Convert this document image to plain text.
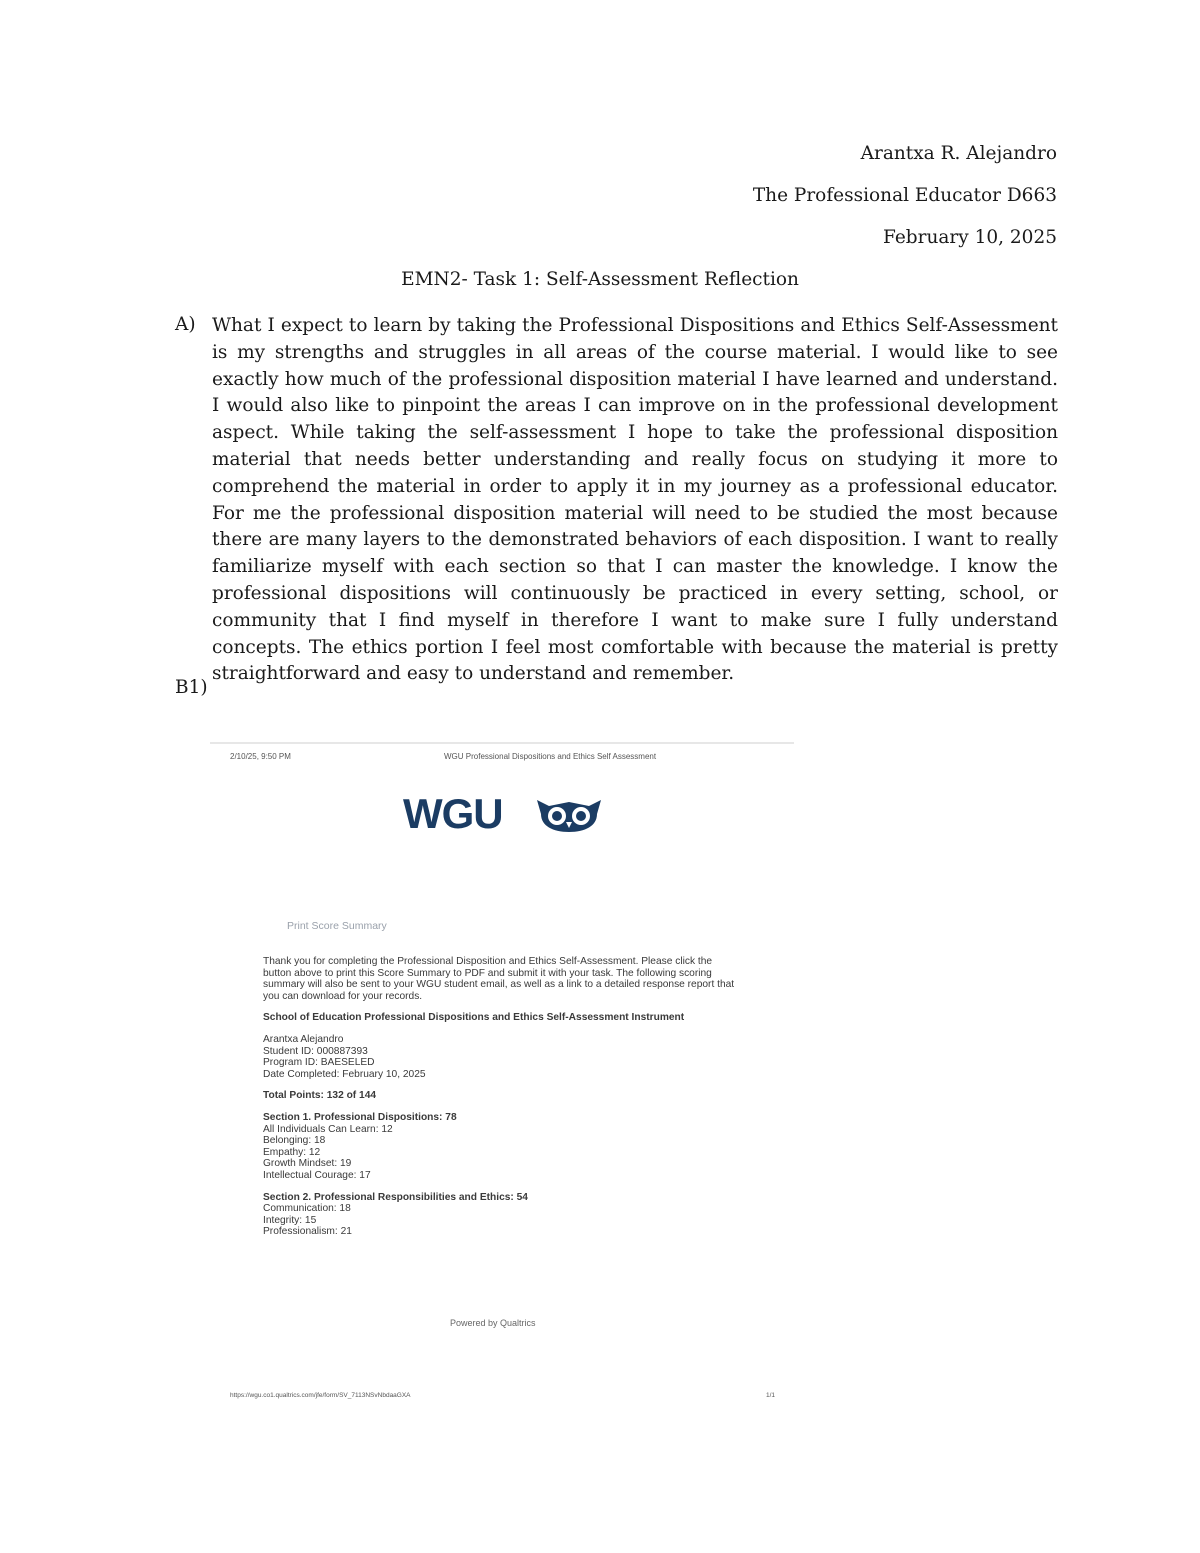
Arantxa R. Alejandro
The Professional Educator D663
February 10, 2025
EMN2- Task 1: Self-Assessment Reflection
A) What I expect to learn by taking the Professional Dispositions and Ethics Self-Assessment is my strengths and struggles in all areas of the course material. I would like to see exactly how much of the professional disposition material I have learned and understand. I would also like to pinpoint the areas I can improve on in the professional development aspect. While taking the self-assessment I hope to take the professional disposition material that needs better understanding and really focus on studying it more to comprehend the material in order to apply it in my journey as a professional educator. For me the professional disposition material will need to be studied the most because there are many layers to the demonstrated behaviors of each disposition. I want to really familiarize myself with each section so that I can master the knowledge. I know the professional dispositions will continuously be practiced in every setting, school, or community that I find myself in therefore I want to make sure I fully understand concepts. The ethics portion I feel most comfortable with because the material is pretty straightforward and easy to understand and remember.
B1)
2/10/25, 9:50 PM	WGU Professional Dispositions and Ethics Self Assessment
WGU
Print Score Summary

Thank you for completing the Professional Disposition and Ethics Self-Assessment. Please click the button above to print this Score Summary to PDF and submit it with your task. The following scoring summary will also be sent to your WGU student email, as well as a link to a detailed response report that you can download for your records.

School of Education Professional Dispositions and Ethics Self-Assessment Instrument

Arantxa Alejandro
Student ID: 000887393
Program ID: BAESELED
Date Completed: February 10, 2025

Total Points: 132 of 144

Section 1. Professional Dispositions: 78
All Individuals Can Learn: 12
Belonging: 18
Empathy: 12
Growth Mindset: 19
Intellectual Courage: 17

Section 2. Professional Responsibilities and Ethics: 54
Communication: 18
Integrity: 15
Professionalism: 21

Powered by Qualtrics
https://wgu.co1.qualtrics.com/jfe/form/SV_7113NSvNbdaaGXA	1/1
